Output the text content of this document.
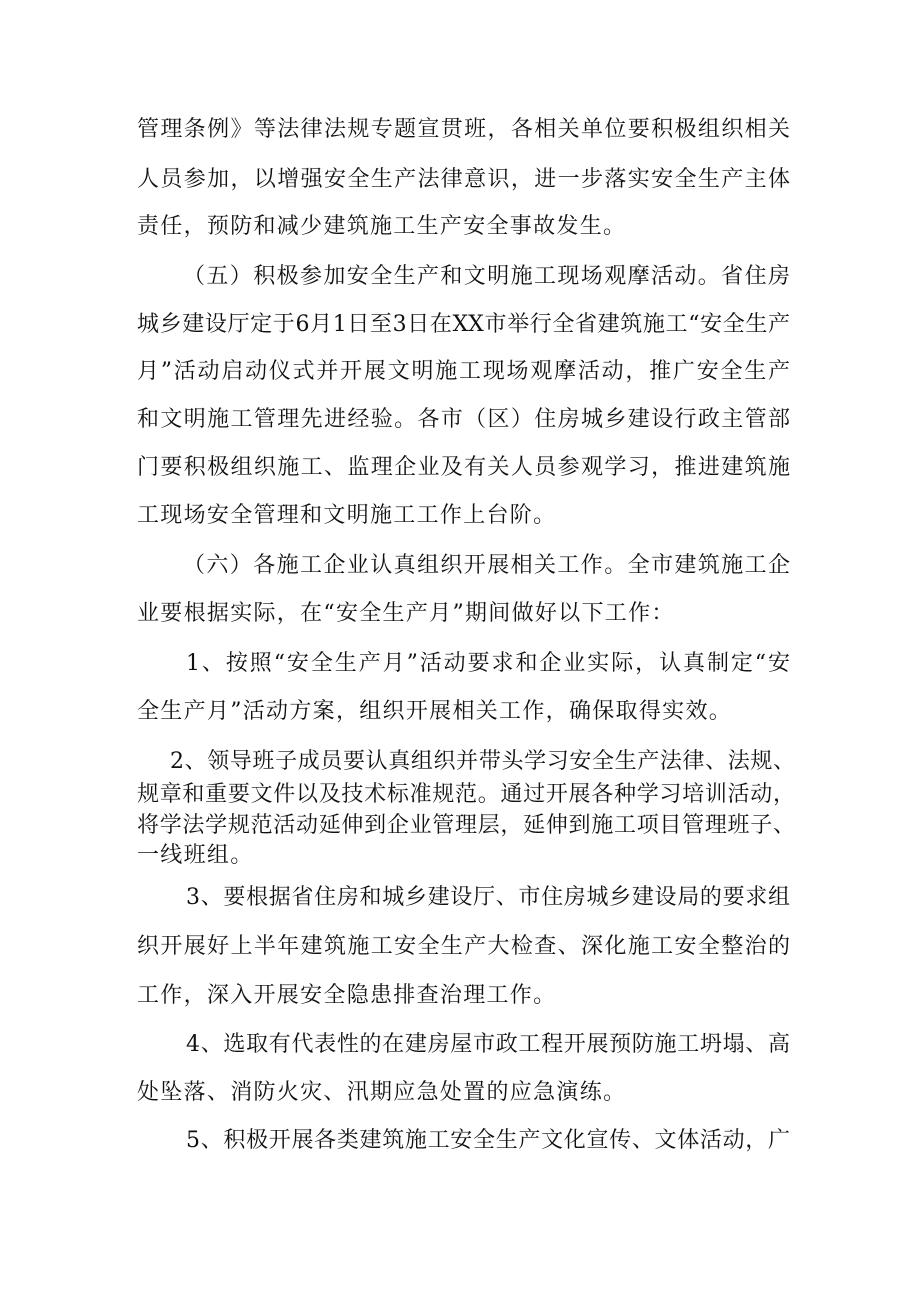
管理条例》等法律法规专题宣贯班，各相关单位要积极组织相关
人员参加，以增强安全生产法律意识，进一步落实安全生产主体
责任，预防和减少建筑施工生产安全事故发生。
（五）积极参加安全生产和文明施工现场观摩活动。省住房
城乡建设厅定于6月1日至3日在XX市举行全省建筑施工“安全生产
月”活动启动仪式并开展文明施工现场观摩活动，推广安全生产
和文明施工管理先进经验。各市（区）住房城乡建设行政主管部
门要积极组织施工、监理企业及有关人员参观学习，推进建筑施
工现场安全管理和文明施工工作上台阶。
（六）各施工企业认真组织开展相关工作。全市建筑施工企
业要根据实际，在“安全生产月”期间做好以下工作：
1、按照“安全生产月”活动要求和企业实际，认真制定“安
全生产月”活动方案，组织开展相关工作，确保取得实效。
2、领导班子成员要认真组织并带头学习安全生产法律、法规、
规章和重要文件以及技术标准规范。通过开展各种学习培训活动，
将学法学规范活动延伸到企业管理层，延伸到施工项目管理班子、
一线班组。
3、要根据省住房和城乡建设厅、市住房城乡建设局的要求组
织开展好上半年建筑施工安全生产大检查、深化施工安全整治的
工作，深入开展安全隐患排查治理工作。
4、选取有代表性的在建房屋市政工程开展预防施工坍塌、高
处坠落、消防火灾、汛期应急处置的应急演练。
5、积极开展各类建筑施工安全生产文化宣传、文体活动，广
